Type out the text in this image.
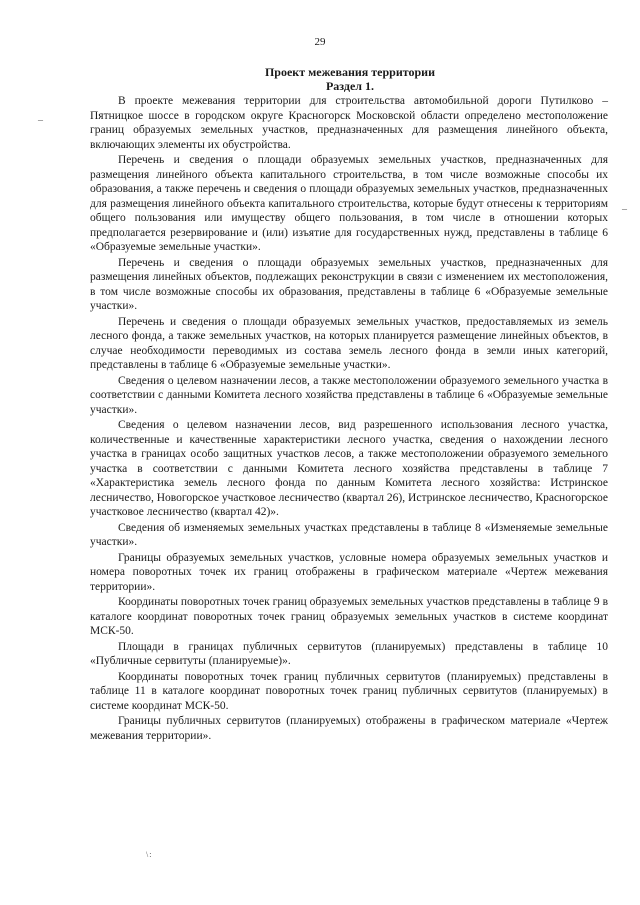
29
Проект межевания территории
Раздел 1.

В проекте межевания территории для строительства автомобильной дороги Путилково – Пятницкое шоссе в городском округе Красногорск Московской области определено местоположение границ образуемых земельных участков, предназначенных для размещения линейного объекта, включающих элементы их обустройства.

Перечень и сведения о площади образуемых земельных участков, предназначенных для размещения линейного объекта капитального строительства, в том числе возможные способы их образования, а также перечень и сведения о площади образуемых земельных участков, предназначенных для размещения линейного объекта капитального строительства, которые будут отнесены к территориям общего пользования или имуществу общего пользования, в том числе в отношении которых предполагается резервирование и (или) изъятие для государственных нужд, представлены в таблице 6 «Образуемые земельные участки».

Перечень и сведения о площади образуемых земельных участков, предназначенных для размещения линейных объектов, подлежащих реконструкции в связи с изменением их местоположения, в том числе возможные способы их образования, представлены в таблице 6 «Образуемые земельные участки».

Перечень и сведения о площади образуемых земельных участков, предоставляемых из земель лесного фонда, а также земельных участков, на которых планируется размещение линейных объектов, в случае необходимости переводимых из состава земель лесного фонда в земли иных категорий, представлены в таблице 6 «Образуемые земельные участки».

Сведения о целевом назначении лесов, а также местоположении образуемого земельного участка в соответствии с данными Комитета лесного хозяйства представлены в таблице 6 «Образуемые земельные участки».

Сведения о целевом назначении лесов, вид разрешенного использования лесного участка, количественные и качественные характеристики лесного участка, сведения о нахождении лесного участка в границах особо защитных участков лесов, а также местоположении образуемого земельного участка в соответствии с данными Комитета лесного хозяйства представлены в таблице 7 «Характеристика земель лесного фонда по данным Комитета лесного хозяйства: Истринское лесничество, Новогорское участковое лесничество (квартал 26), Истринское лесничество, Красногорское участковое лесничество (квартал 42)».

Сведения об изменяемых земельных участках представлены в таблице 8 «Изменяемые земельные участки».

Границы образуемых земельных участков, условные номера образуемых земельных участков и номера поворотных точек их границ отображены в графическом материале «Чертеж межевания территории».

Координаты поворотных точек границ образуемых земельных участков представлены в таблице 9 в каталоге координат поворотных точек границ образуемых земельных участков в системе координат МСК-50.

Площади в границах публичных сервитутов (планируемых) представлены в таблице 10 «Публичные сервитуты (планируемые)».

Координаты поворотных точек границ публичных сервитутов (планируемых) представлены в таблице 11 в каталоге координат поворотных точек границ публичных сервитутов (планируемых) в системе координат МСК-50.

Границы публичных сервитутов (планируемых) отображены в графическом материале «Чертеж межевания территории».

–
–
\:
